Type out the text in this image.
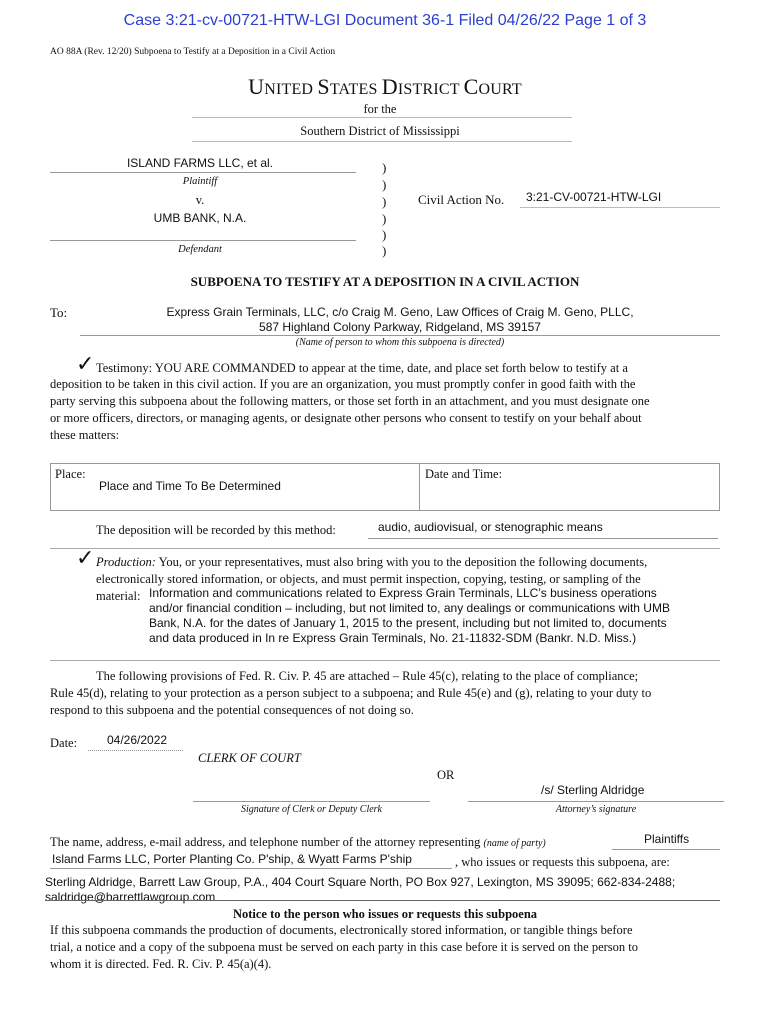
Case 3:21-cv-00721-HTW-LGI Document 36-1 Filed 04/26/22 Page 1 of 3
AO 88A (Rev. 12/20) Subpoena to Testify at a Deposition in a Civil Action
UNITED STATES DISTRICT COURT
for the
Southern District of Mississippi
ISLAND FARMS LLC, et al.
Plaintiff
v.
UMB BANK, N.A.
Defendant
)
)
)
)
)
)
Civil Action No. 3:21-CV-00721-HTW-LGI
SUBPOENA TO TESTIFY AT A DEPOSITION IN A CIVIL ACTION
To:	Express Grain Terminals, LLC, c/o Craig M. Geno, Law Offices of Craig M. Geno, PLLC,
587 Highland Colony Parkway, Ridgeland, MS 39157
(Name of person to whom this subpoena is directed)
✓ Testimony: YOU ARE COMMANDED to appear at the time, date, and place set forth below to testify at a
deposition to be taken in this civil action. If you are an organization, you must promptly confer in good faith with the
party serving this subpoena about the following matters, or those set forth in an attachment, and you must designate one
or more officers, directors, or managing agents, or designate other persons who consent to testify on your behalf about
these matters:
Place:
Place and Time To Be Determined
Date and Time:
The deposition will be recorded by this method:	audio, audiovisual, or stenographic means
✓ Production: You, or your representatives, must also bring with you to the deposition the following documents,
electronically stored information, or objects, and must permit inspection, copying, testing, or sampling of the
material: Information and communications related to Express Grain Terminals, LLC’s business operations
and/or financial condition – including, but not limited to, any dealings or communications with UMB
Bank, N.A. for the dates of January 1, 2015 to the present, including but not limited to, documents
and data produced in In re Express Grain Terminals, No. 21-11832-SDM (Bankr. N.D. Miss.)
The following provisions of Fed. R. Civ. P. 45 are attached – Rule 45(c), relating to the place of compliance;
Rule 45(d), relating to your protection as a person subject to a subpoena; and Rule 45(e) and (g), relating to your duty to
respond to this subpoena and the potential consequences of not doing so.
Date: 04/26/2022
CLERK OF COURT
OR
/s/ Sterling Aldridge
Signature of Clerk or Deputy Clerk	Attorney’s signature
The name, address, e-mail address, and telephone number of the attorney representing (name of party)	Plaintiffs
Island Farms LLC, Porter Planting Co. P'ship, & Wyatt Farms P'ship	, who issues or requests this subpoena, are:
Sterling Aldridge, Barrett Law Group, P.A., 404 Court Square North, PO Box 927, Lexington, MS 39095; 662-834-2488;
saldridge@barrettlawgroup.com
Notice to the person who issues or requests this subpoena
If this subpoena commands the production of documents, electronically stored information, or tangible things before
trial, a notice and a copy of the subpoena must be served on each party in this case before it is served on the person to
whom it is directed. Fed. R. Civ. P. 45(a)(4).
